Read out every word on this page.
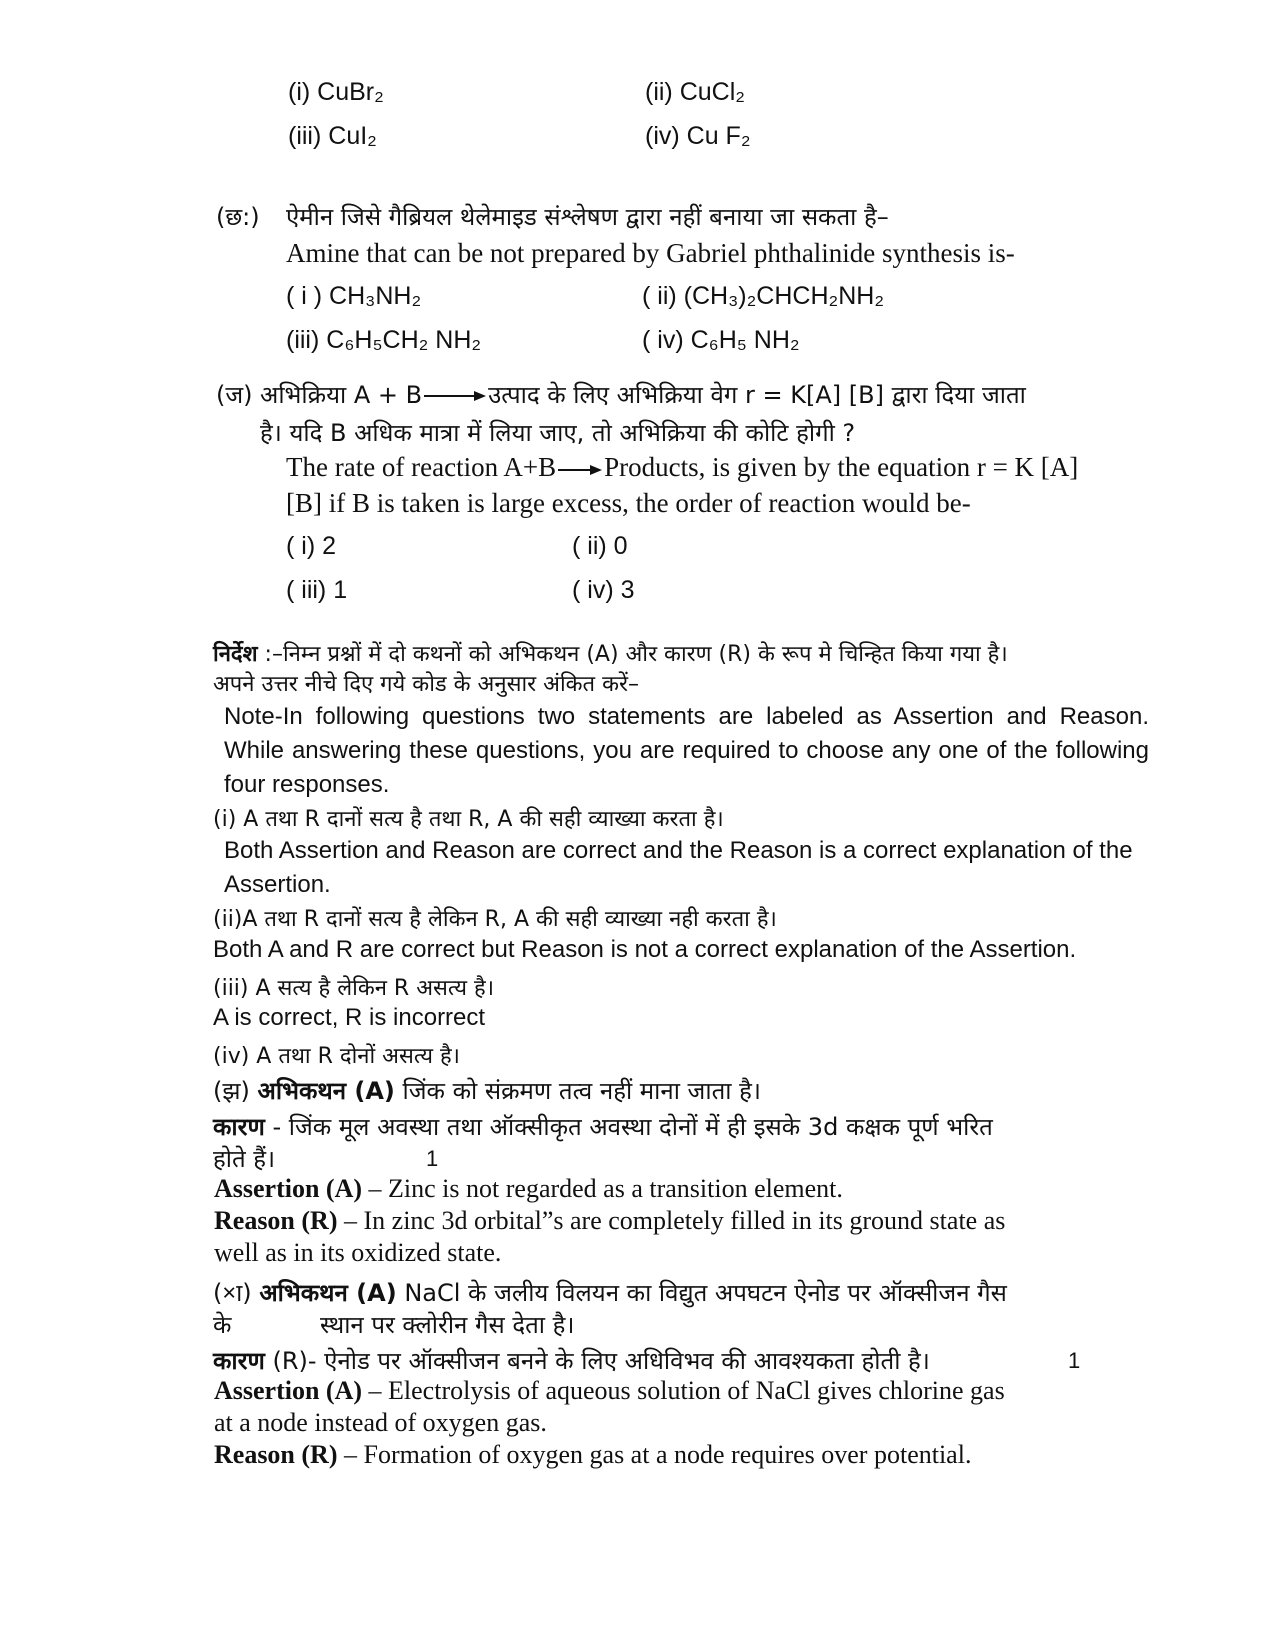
(i) CuBr₂	(ii) CuCl₂
(iii) CuI₂	(iv) Cu F₂
(छ:) ऐमीन जिसे गैब्रियल थेलेमाइड संश्लेषण द्वारा नहीं बनाया जा सकता है–
Amine that can be not prepared by Gabriel phthalinide synthesis is-
( i ) CH₃NH₂	( ii) (CH₃)₂CHCH₂NH₂
(iii) C₆H₅CH₂ NH₂	( iv) C₆H₅ NH₂
(ज) अभिक्रिया A + B	उत्पाद के लिए अभिक्रिया वेग r = K[A] [B] द्वारा दिया जाता
है। यदि B अधिक मात्रा में लिया जाए, तो अभिक्रिया की कोटि होगी ?
The rate of reaction A+B Products, is given by the equation r = K [A]
[B] if B is taken is large excess, the order of reaction would be-
( i) 2	( ii) 0
( iii) 1	( iv) 3
निर्देश :–निम्न प्रश्नों में दो कथनों को अभिकथन (A) और कारण (R) के रूप मे चिन्हित किया गया है।
अपने उत्तर नीचे दिए गये कोड के अनुसार अंकित करें–
Note-In following questions two statements are labeled as Assertion and Reason. While answering these questions, you are required to choose any one of the following four responses.
(i) A तथा R दानों सत्य है तथा R, A की सही व्याख्या करता है।
Both Assertion and Reason are correct and the Reason is a correct explanation of the Assertion.
(ii)A तथा R दानों सत्य है लेकिन R, A की सही व्याख्या नही करता है।
Both A and R are correct but Reason is not a correct explanation of the Assertion.
(iii) A सत्य है लेकिन R असत्य है।
A is correct, R is incorrect
(iv) A तथा R दोनों असत्य है।
(झ) अभिकथन (A) जिंक को संक्रमण तत्व नहीं माना जाता है।
कारण - जिंक मूल अवस्था तथा ऑक्सीकृत अवस्था दोनों में ही इसके 3d कक्षक पूर्ण भरित
होते हैं।	1
Assertion (A) – Zinc is not regarded as a transition element.
Reason (R) – In zinc 3d orbital”s are completely filled in its ground state as
well as in its oxidized state.
(×ा) अभिकथन (A) NaCl के जलीय विलयन का विद्युत अपघटन ऐनोड पर ऑक्सीजन गैस
के	स्थान पर क्लोरीन गैस देता है।
कारण (R)- ऐनोड पर ऑक्सीजन बनने के लिए अधिविभव की आवश्यकता होती है।	1
Assertion (A) – Electrolysis of aqueous solution of NaCl gives chlorine gas
at a node instead of oxygen gas.
Reason (R) – Formation of oxygen gas at a node requires over potential.
